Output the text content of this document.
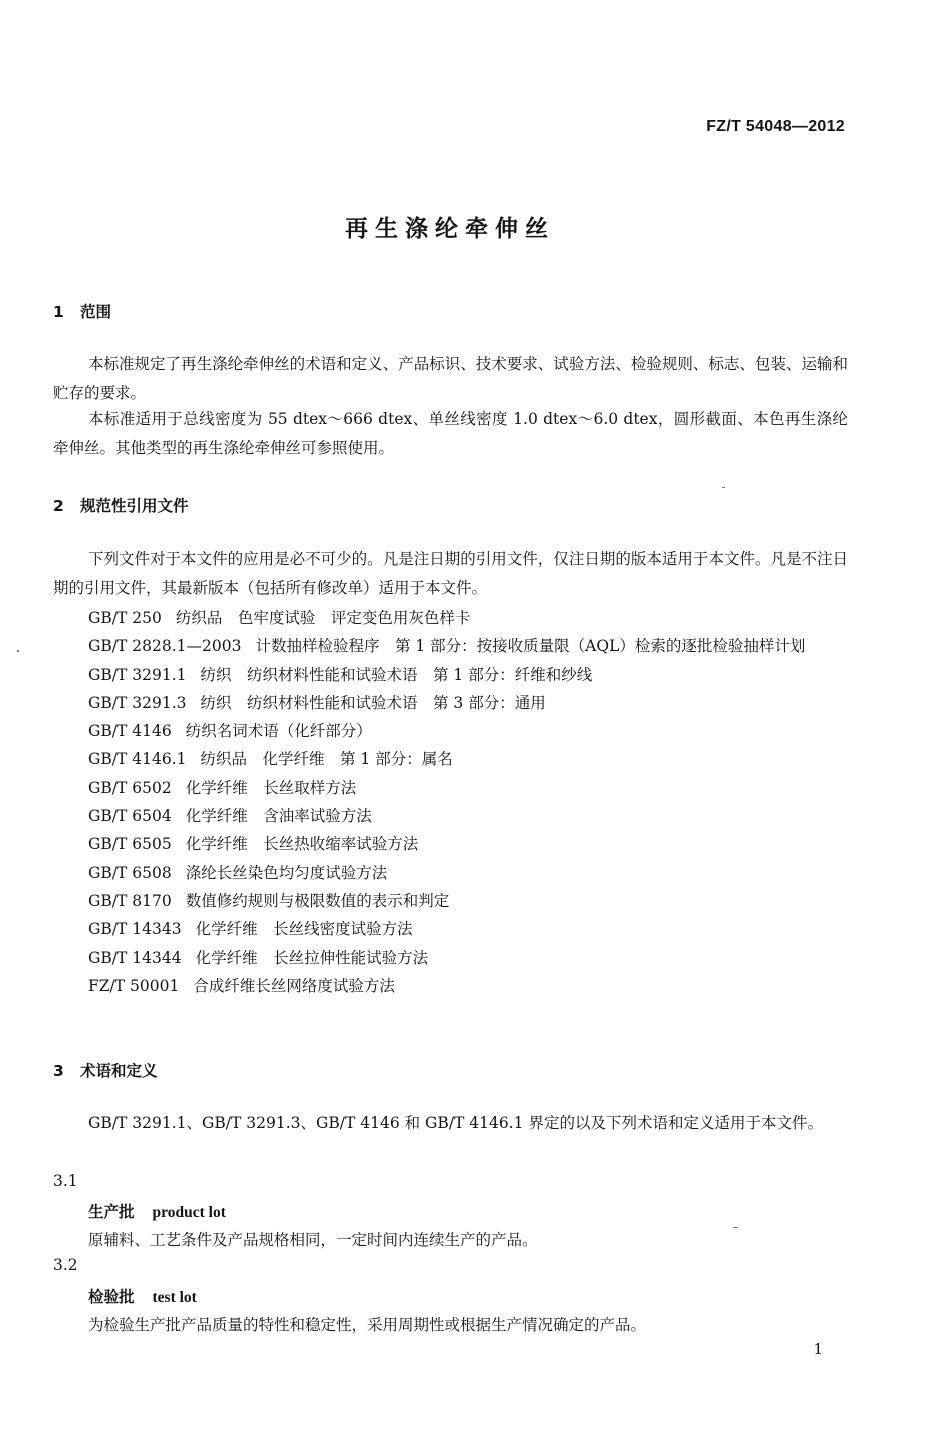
FZ/T 54048—2012
再生涤纶牵伸丝
1 范围
本标准规定了再生涤纶牵伸丝的术语和定义、产品标识、技术要求、试验方法、检验规则、标志、包装、运输和贮存的要求。
本标准适用于总线密度为 55 dtex～666 dtex、单丝线密度 1.0 dtex～6.0 dtex，圆形截面、本色再生涤纶牵伸丝。其他类型的再生涤纶牵伸丝可参照使用。
2 规范性引用文件
下列文件对于本文件的应用是必不可少的。凡是注日期的引用文件，仅注日期的版本适用于本文件。凡是不注日期的引用文件，其最新版本（包括所有修改单）适用于本文件。
GB/T 250 纺织品　色牢度试验　评定变色用灰色样卡
GB/T 2828.1—2003 计数抽样检验程序　第 1 部分：按接收质量限（AQL）检索的逐批检验抽样计划
GB/T 3291.1 纺织　纺织材料性能和试验术语　第 1 部分：纤维和纱线
GB/T 3291.3 纺织　纺织材料性能和试验术语　第 3 部分：通用
GB/T 4146 纺织名词术语（化纤部分）
GB/T 4146.1 纺织品　化学纤维　第 1 部分：属名
GB/T 6502 化学纤维　长丝取样方法
GB/T 6504 化学纤维　含油率试验方法
GB/T 6505 化学纤维　长丝热收缩率试验方法
GB/T 6508 涤纶长丝染色均匀度试验方法
GB/T 8170 数值修约规则与极限数值的表示和判定
GB/T 14343 化学纤维　长丝线密度试验方法
GB/T 14344 化学纤维　长丝拉伸性能试验方法
FZ/T 50001 合成纤维长丝网络度试验方法
3 术语和定义
GB/T 3291.1、GB/T 3291.3、GB/T 4146 和 GB/T 4146.1 界定的以及下列术语和定义适用于本文件。
3.1
生产批 product lot
原辅料、工艺条件及产品规格相同，一定时间内连续生产的产品。
3.2
检验批 test lot
为检验生产批产品质量的特性和稳定性，采用周期性或根据生产情况确定的产品。
1
